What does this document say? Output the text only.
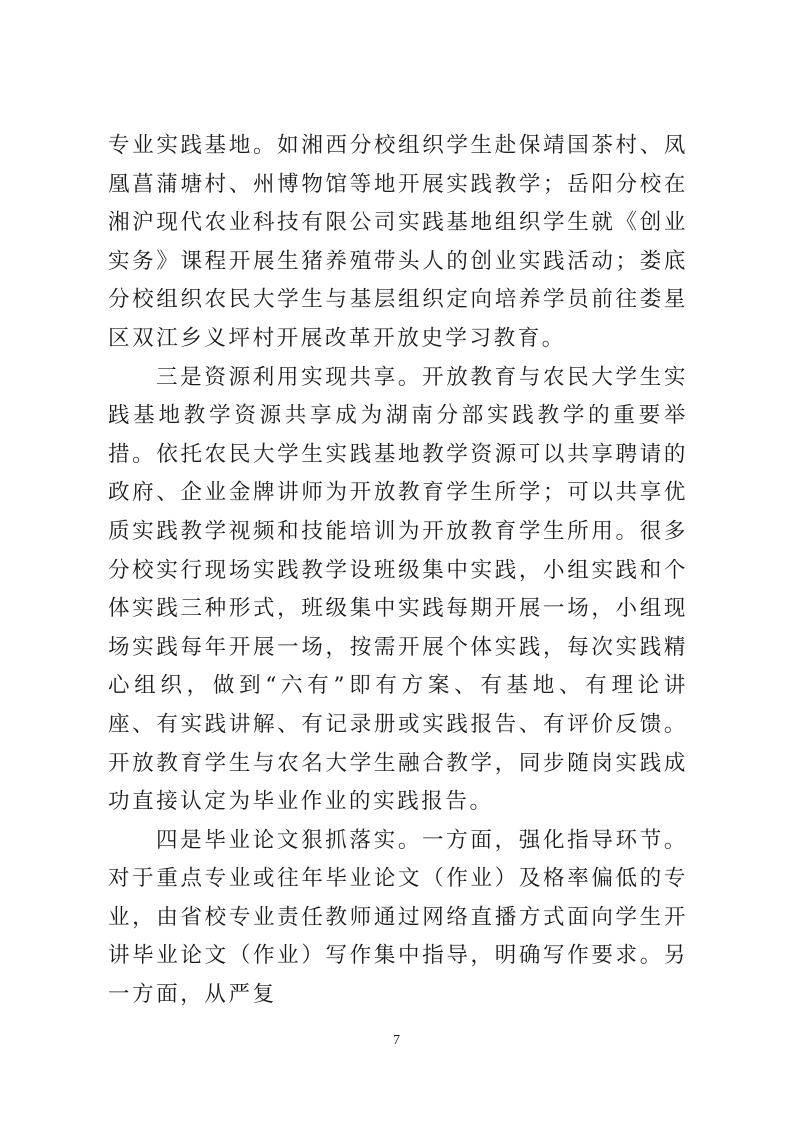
专业实践基地。如湘西分校组织学生赴保靖国茶村、凤凰菖蒲塘村、州博物馆等地开展实践教学；岳阳分校在湘沪现代农业科技有限公司实践基地组织学生就《创业实务》课程开展生猪养殖带头人的创业实践活动；娄底分校组织农民大学生与基层组织定向培养学员前往娄星区双江乡义坪村开展改革开放史学习教育。

三是资源利用实现共享。开放教育与农民大学生实践基地教学资源共享成为湖南分部实践教学的重要举措。依托农民大学生实践基地教学资源可以共享聘请的政府、企业金牌讲师为开放教育学生所学；可以共享优质实践教学视频和技能培训为开放教育学生所用。很多分校实行现场实践教学设班级集中实践，小组实践和个体实践三种形式，班级集中实践每期开展一场，小组现场实践每年开展一场，按需开展个体实践，每次实践精心组织，做到“六有”即有方案、有基地、有理论讲座、有实践讲解、有记录册或实践报告、有评价反馈。开放教育学生与农名大学生融合教学，同步随岗实践成功直接认定为毕业作业的实践报告。

四是毕业论文狠抓落实。一方面，强化指导环节。对于重点专业或往年毕业论文（作业）及格率偏低的专业，由省校专业责任教师通过网络直播方式面向学生开讲毕业论文（作业）写作集中指导，明确写作要求。另一方面，从严复

7
